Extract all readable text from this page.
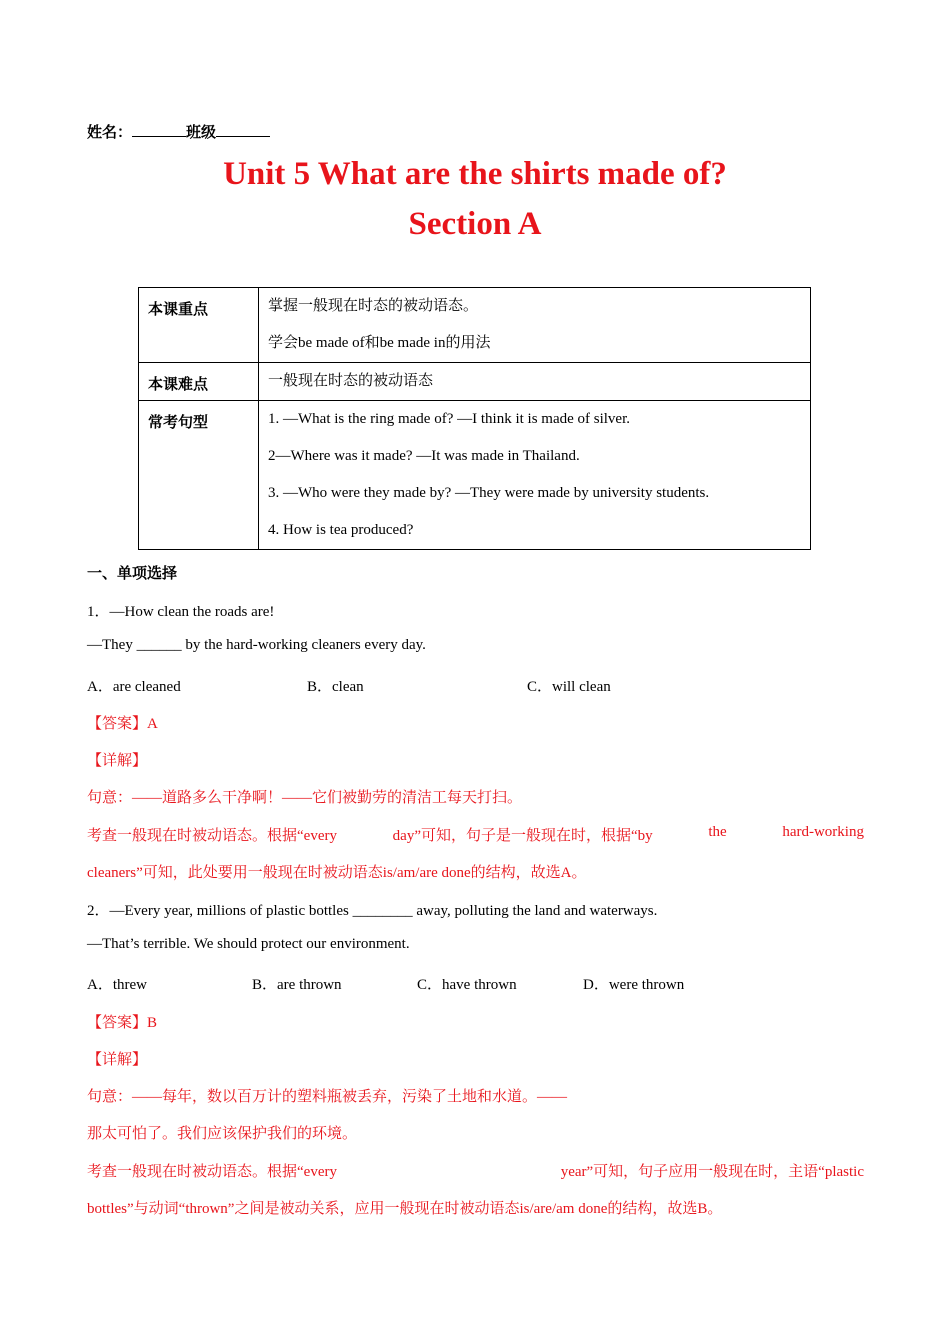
姓名：	班级
Unit 5 What are the shirts made of?
Section A
本课重点	掌握一般现在时态的被动语态。

学会be made of和be made in的用法

本课难点	一般现在时态的被动语态

常考句型	1. —What is the ring made of? —I think it is made of silver.

2—Where was it made? —It was made in Thailand.

3. —Who were they made by? —They were made by university students.

4. How is tea produced?

一、单项选择
1．—How clean the roads are!
—They ______ by the hard-working cleaners every day.
A．are cleaned	B．clean	C．will clean
【答案】A
【详解】
句意：——道路多么干净啊！——它们被勤劳的清洁工每天打扫。
考查一般现在时被动语态。根据“every	day”可知，句子是一般现在时，根据“by	the	hard-working
cleaners”可知，此处要用一般现在时被动语态is/am/are done的结构，故选A。
2．—Every year, millions of plastic bottles ________ away, polluting the land and waterways.
—That’s terrible. We should protect our environment.
A．threw	B．are thrown	C．have thrown	D．were thrown
【答案】B
【详解】
句意：——每年，数以百万计的塑料瓶被丢弃，污染了土地和水道。——
那太可怕了。我们应该保护我们的环境。
考查一般现在时被动语态。根据“every	year”可知，句子应用一般现在时，主语“plastic
bottles”与动词“thrown”之间是被动关系，应用一般现在时被动语态is/are/am done的结构，故选B。
